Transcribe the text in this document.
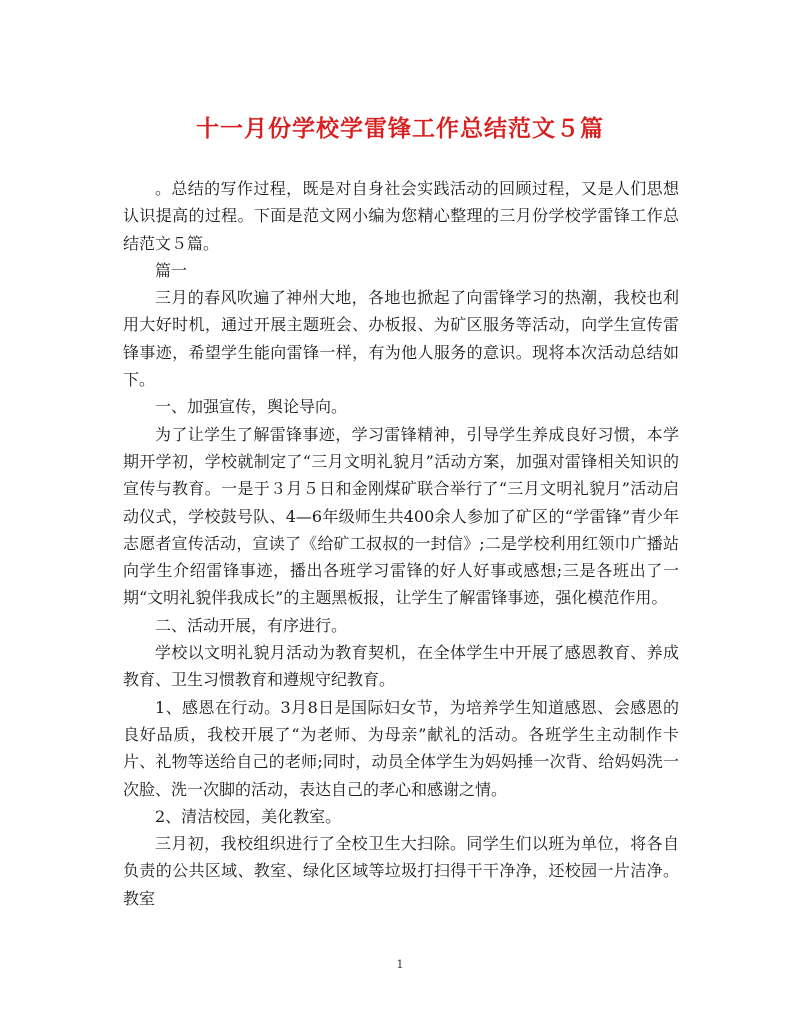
十一月份学校学雷锋工作总结范文５篇

。总结的写作过程，既是对自身社会实践活动的回顾过程，又是人们思想认识提高的过程。下面是范文网小编为您精心整理的三月份学校学雷锋工作总结范文５篇。

篇一

三月的春风吹遍了神州大地，各地也掀起了向雷锋学习的热潮，我校也利用大好时机，通过开展主题班会、办板报、为矿区服务等活动，向学生宣传雷锋事迹，希望学生能向雷锋一样，有为他人服务的意识。现将本次活动总结如下。

一、加强宣传，舆论导向。

为了让学生了解雷锋事迹，学习雷锋精神，引导学生养成良好习惯，本学期开学初，学校就制定了“三月文明礼貌月”活动方案，加强对雷锋相关知识的宣传与教育。一是于３月５日和金刚煤矿联合举行了“三月文明礼貌月”活动启动仪式，学校鼓号队、4—6年级师生共400余人参加了矿区的“学雷锋”青少年志愿者宣传活动，宣读了《给矿工叔叔的一封信》;二是学校利用红领巾广播站向学生介绍雷锋事迹，播出各班学习雷锋的好人好事或感想;三是各班出了一期“文明礼貌伴我成长”的主题黑板报，让学生了解雷锋事迹，强化模范作用。

二、活动开展，有序进行。

学校以文明礼貌月活动为教育契机，在全体学生中开展了感恩教育、养成教育、卫生习惯教育和遵规守纪教育。

1、感恩在行动。3月8日是国际妇女节，为培养学生知道感恩、会感恩的良好品质，我校开展了“为老师、为母亲”献礼的活动。各班学生主动制作卡片、礼物等送给自己的老师;同时，动员全体学生为妈妈捶一次背、给妈妈洗一次脸、洗一次脚的活动，表达自己的孝心和感谢之情。

2、清洁校园，美化教室。

三月初，我校组织进行了全校卫生大扫除。同学生们以班为单位，将各自负责的公共区域、教室、绿化区域等垃圾打扫得干干净净，还校园一片洁净。教室

1
